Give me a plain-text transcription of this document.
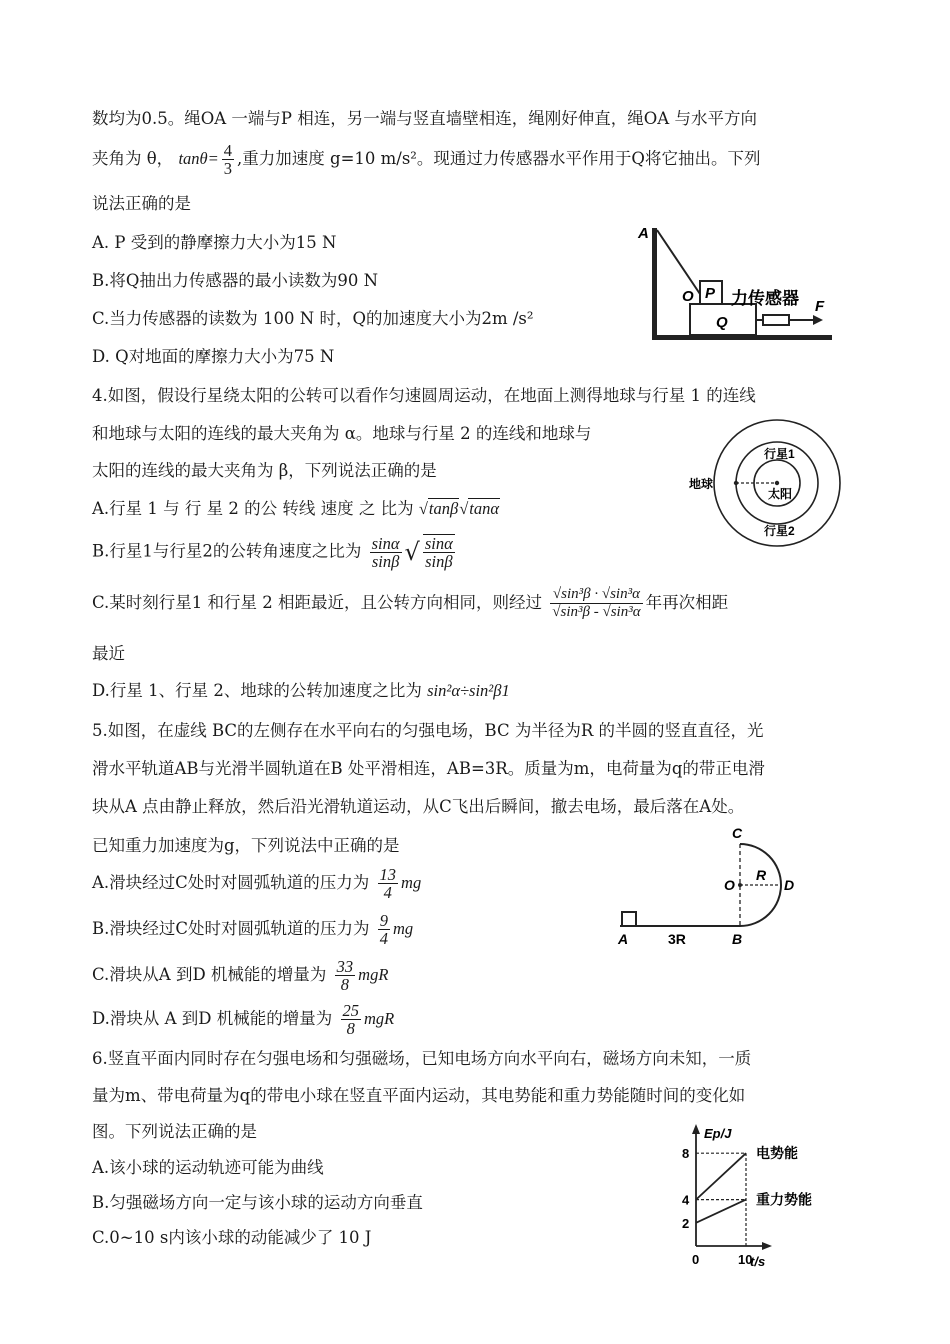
数均为0.5。绳OA 一端与P 相连，另一端与竖直墙壁相连，绳刚好伸直，绳OA 与水平方向
夹角为 θ， $\tan\theta= \frac{4}{3}$ ,重力加速度 g=10 m/s²。现通过力传感器水平作用于Q将它抽出。下列
说法正确的是
A. P 受到的静摩擦力大小为15 N
B.将Q抽出力传感器的最小读数为90 N
C.当力传感器的读数为 100 N 时，Q的加速度大小为2m /s²
D. Q对地面的摩擦力大小为75 N
A
O P
Q
力传感器 F
4.如图，假设行星绕太阳的公转可以看作匀速圆周运动，在地面上测得地球与行星 1 的连线
和地球与太阳的连线的最大夹角为 α。地球与行星 2 的连线和地球与
太阳的连线的最大夹角为 β，下列说法正确的是
A.行星 1 与 行 星 2 的公 转线 速度 之 比为 √tanβ√tanα
B.行星1与行星2的公转角速度之比为 $\frac{\sin\alpha}{\sin\beta}$ √ $\frac{\sin\alpha}{\sin\beta}$
C.某时刻行星1 和行星 2 相距最近，且公转方向相同，则经过 $\frac{\text{√sin³β · √sin³α}}{\text{√sin³β - √sin³α}}$ 年再次相距
最近
D.行星 1、行星 2、地球的公转加速度之比为 sin²α÷sin²β1
地球
行星1
太阳
行星2
5.如图，在虚线 BC的左侧存在水平向右的匀强电场，BC 为半径为R 的半圆的竖直直径，光
滑水平轨道AB与光滑半圆轨道在B 处平滑相连，AB=3R。质量为m，电荷量为q的带正电滑
块从A 点由静止释放，然后沿光滑轨道运动，从C飞出后瞬间，撤去电场，最后落在A处。
已知重力加速度为g，下列说法中正确的是
A.滑块经过C处时对圆弧轨道的压力为 $\frac{13}{4}$ mg
B.滑块经过C处时对圆弧轨道的压力为 $\frac{9}{4}$ mg
C.滑块从A 到D 机械能的增量为 $\frac{33}{8}$ mgR
D.滑块从 A 到D 机械能的增量为 $\frac{25}{8}$ mgR
C
O
R
D
A	3R	B
6.竖直平面内同时存在匀强电场和匀强磁场，已知电场方向水平向右，磁场方向未知，一质
量为m、带电荷量为q的带电小球在竖直平面内运动，其电势能和重力势能随时间的变化如
图。下列说法正确的是
A.该小球的运动轨迹可能为曲线
B.匀强磁场方向一定与该小球的运动方向垂直
C.0~10 s内该小球的动能减少了 10 J
Ep/J
t/s
2
4
8
0	10
电势能
重力势能
